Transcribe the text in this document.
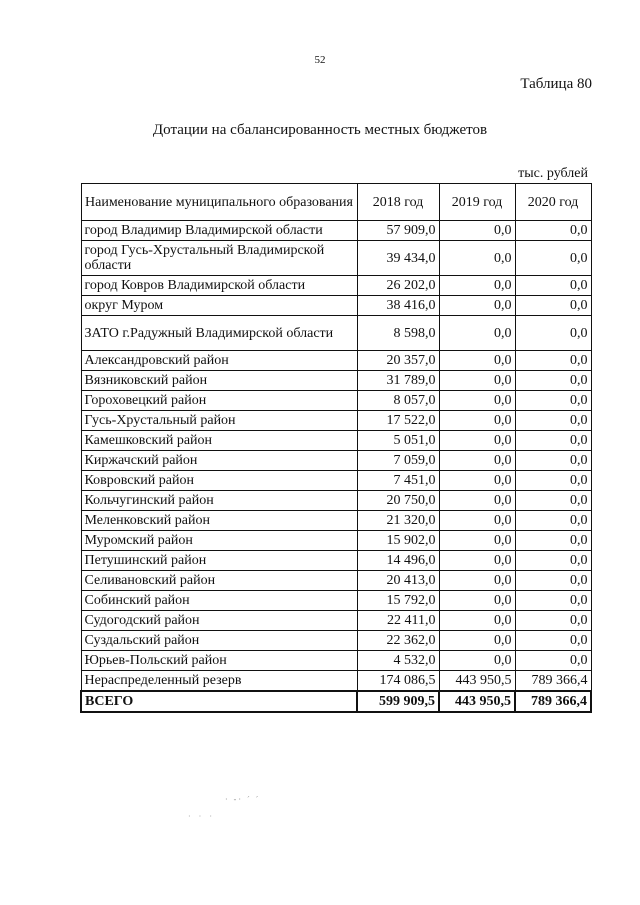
52
Таблица 80
Дотации на сбалансированность местных бюджетов
тыс. рублей
Наименование муниципального образования	2018 год	2019 год	2020 год
город Владимир Владимирской области	57 909,0	0,0	0,0
город Гусь-Хрустальный Владимирской области	39 434,0	0,0	0,0
город Ковров Владимирской области	26 202,0	0,0	0,0
округ Муром	38 416,0	0,0	0,0
ЗАТО г.Радужный Владимирской области	8 598,0	0,0	0,0
Александровский район	20 357,0	0,0	0,0
Вязниковский район	31 789,0	0,0	0,0
Гороховецкий район	8 057,0	0,0	0,0
Гусь-Хрустальный район	17 522,0	0,0	0,0
Камешковский район	5 051,0	0,0	0,0
Киржачский район	7 059,0	0,0	0,0
Ковровский район	7 451,0	0,0	0,0
Кольчугинский район	20 750,0	0,0	0,0
Меленковский район	21 320,0	0,0	0,0
Муромский район	15 902,0	0,0	0,0
Петушинский район	14 496,0	0,0	0,0
Селивановский район	20 413,0	0,0	0,0
Собинский район	15 792,0	0,0	0,0
Судогодский район	22 411,0	0,0	0,0
Суздальский район	22 362,0	0,0	0,0
Юрьев-Польский район	4 532,0	0,0	0,0
Нераспределенный резерв	174 086,5	443 950,5	789 366,4
ВСЕГО	599 909,5	443 950,5	789 366,4
· -· ´ ´
· · ·
